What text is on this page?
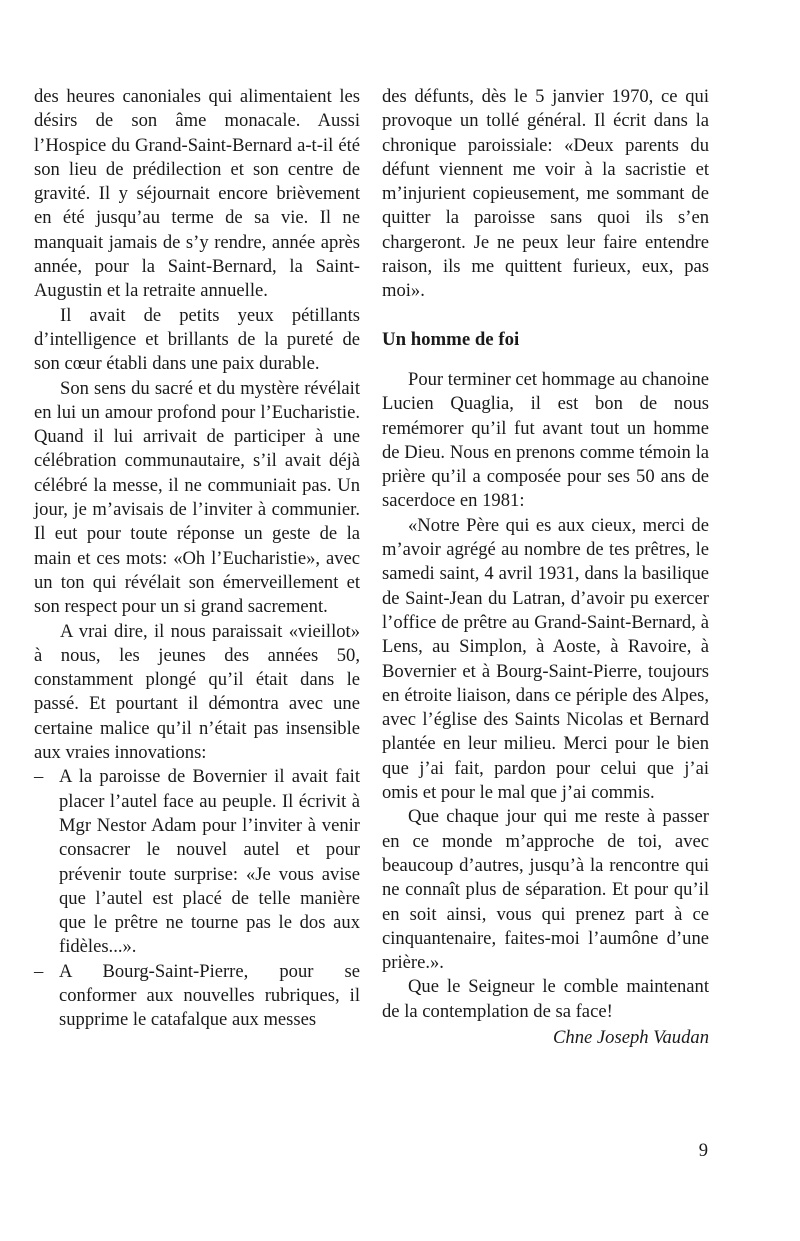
des heures canoniales qui alimentaient les désirs de son âme monacale. Aussi l’Hospice du Grand-Saint-Bernard a-t-il été son lieu de prédilection et son centre de gravité. Il y séjournait encore brièvement en été jusqu’au terme de sa vie. Il ne manquait jamais de s’y rendre, année après année, pour la Saint-Bernard, la Saint-Augustin et la retraite annuelle.

Il avait de petits yeux pétillants d’intelligence et brillants de la pureté de son cœur établi dans une paix durable.

Son sens du sacré et du mystère révélait en lui un amour profond pour l’Eucharistie. Quand il lui arrivait de participer à une célébration communautaire, s’il avait déjà célébré la messe, il ne communiait pas. Un jour, je m’avisais de l’inviter à communier. Il eut pour toute réponse un geste de la main et ces mots: «Oh l’Eucharistie», avec un ton qui révélait son émerveillement et son respect pour un si grand sacrement.

A vrai dire, il nous paraissait «vieillot» à nous, les jeunes des années 50, constamment plongé qu’il était dans le passé. Et pourtant il démontra avec une certaine malice qu’il n’était pas insensible aux vraies innovations:

– A la paroisse de Bovernier il avait fait placer l’autel face au peuple. Il écrivit à Mgr Nestor Adam pour l’inviter à venir consacrer le nouvel autel et pour prévenir toute surprise: «Je vous avise que l’autel est placé de telle manière que le prêtre ne tourne pas le dos aux fidèles...».
– A Bourg-Saint-Pierre, pour se conformer aux nouvelles rubriques, il supprime le catafalque aux messes

des défunts, dès le 5 janvier 1970, ce qui provoque un tollé général. Il écrit dans la chronique paroissiale: «Deux parents du défunt viennent me voir à la sacristie et m’injurient copieusement, me sommant de quitter la paroisse sans quoi ils s’en chargeront. Je ne peux leur faire entendre raison, ils me quittent furieux, eux, pas moi».

Un homme de foi

Pour terminer cet hommage au chanoine Lucien Quaglia, il est bon de nous remémorer qu’il fut avant tout un homme de Dieu. Nous en prenons comme témoin la prière qu’il a composée pour ses 50 ans de sacerdoce en 1981:

«Notre Père qui es aux cieux, merci de m’avoir agrégé au nombre de tes prêtres, le samedi saint, 4 avril 1931, dans la basilique de Saint-Jean du Latran, d’avoir pu exercer l’office de prêtre au Grand-Saint-Bernard, à Lens, au Simplon, à Aoste, à Ravoire, à Bovernier et à Bourg-Saint-Pierre, toujours en étroite liaison, dans ce périple des Alpes, avec l’église des Saints Nicolas et Bernard plantée en leur milieu. Merci pour le bien que j’ai fait, pardon pour celui que j’ai omis et pour le mal que j’ai commis.

Que chaque jour qui me reste à passer en ce monde m’approche de toi, avec beaucoup d’autres, jusqu’à la rencontre qui ne connaît plus de séparation. Et pour qu’il en soit ainsi, vous qui prenez part à ce cinquantenaire, faites-moi l’aumône d’une prière.».

Que le Seigneur le comble maintenant de la contemplation de sa face!

Chne Joseph Vaudan
9
